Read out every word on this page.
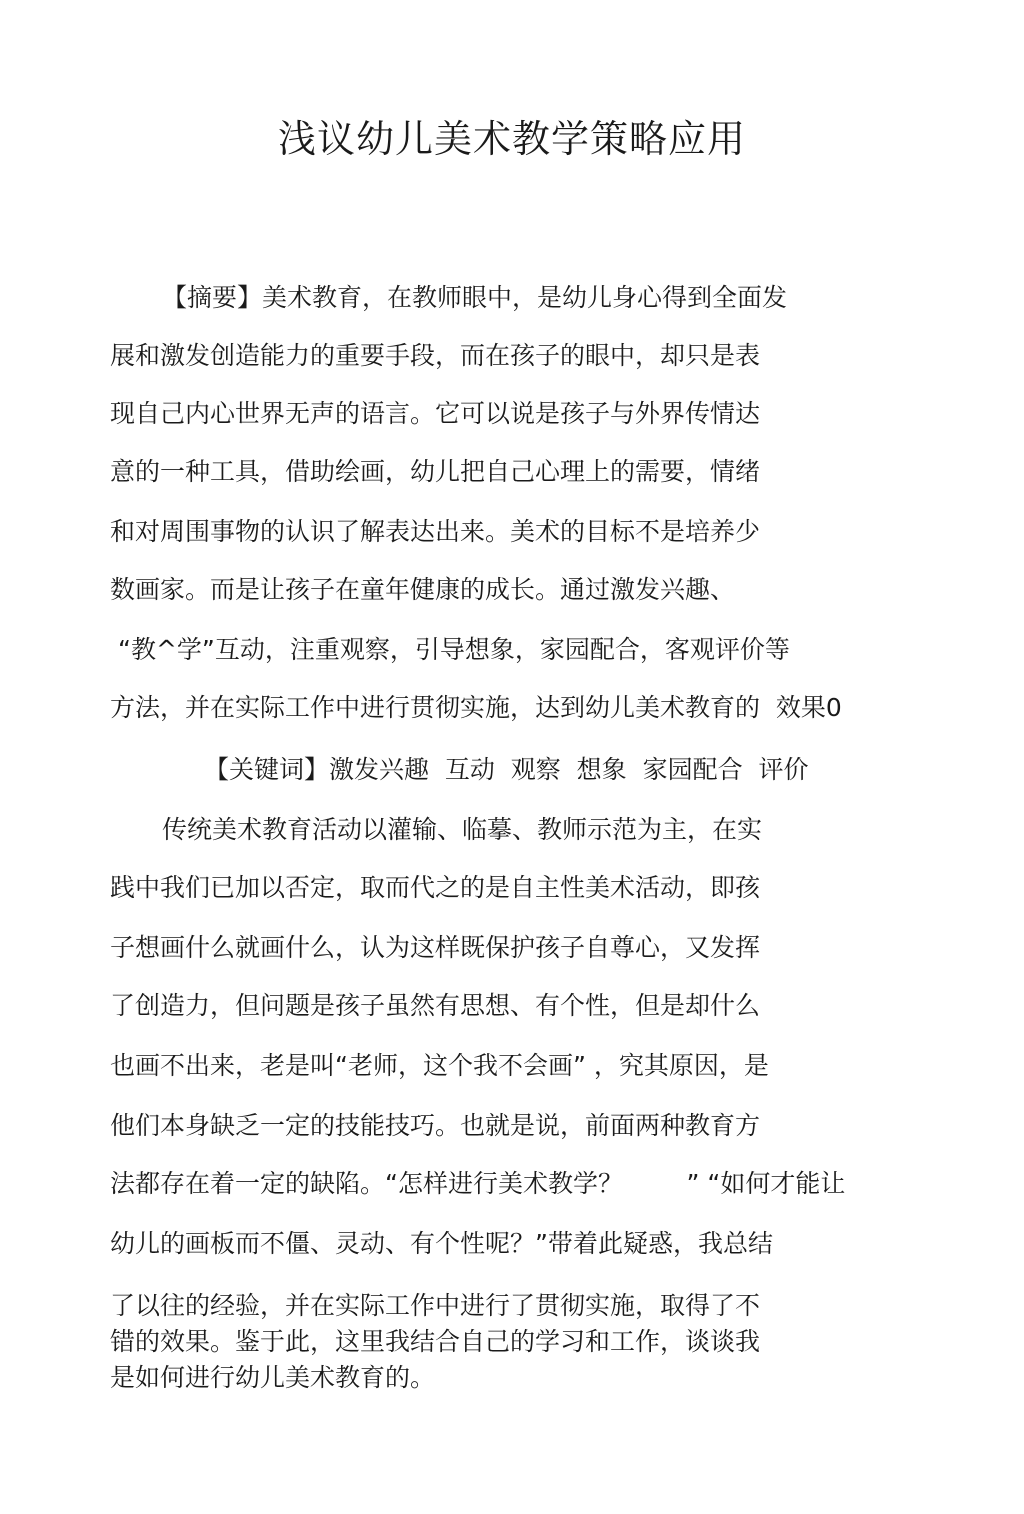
浅议幼儿美术教学策略应用

【摘要】美术教育，在教师眼中，是幼儿身心得到全面发

展和激发创造能力的重要手段，而在孩子的眼中，却只是表

现自己内心世界无声的语言。它可以说是孩子与外界传情达

意的一种工具，借助绘画，幼儿把自己心理上的需要，情绪

和对周围事物的认识了解表达出来。美术的目标不是培养少

数画家。而是让孩子在童年健康的成长。通过激发兴趣、

“教^学”互动，注重观察，引导想象，家园配合，客观评价等

方法，并在实际工作中进行贯彻实施，达到幼儿美术教育的  效果0

【关键词】激发兴趣  互动  观察  想象  家园配合  评价

传统美术教育活动以灌输、临摹、教师示范为主，在实

践中我们已加以否定，取而代之的是自主性美术活动，即孩

子想画什么就画什么，认为这样既保护孩子自尊心，又发挥

了创造力，但问题是孩子虽然有思想、有个性，但是却什么

也画不出来，老是叫“老师，这个我不会画” ，究其原因，是

他们本身缺乏一定的技能技巧。也就是说，前面两种教育方

法都存在着一定的缺陷。“怎样进行美术教学？        ” “如何才能让

幼儿的画板而不僵、灵动、有个性呢？”带着此疑惑，我总结

了以往的经验，并在实际工作中进行了贯彻实施，取得了不

错的效果。鉴于此，这里我结合自己的学习和工作，谈谈我

是如何进行幼儿美术教育的。
